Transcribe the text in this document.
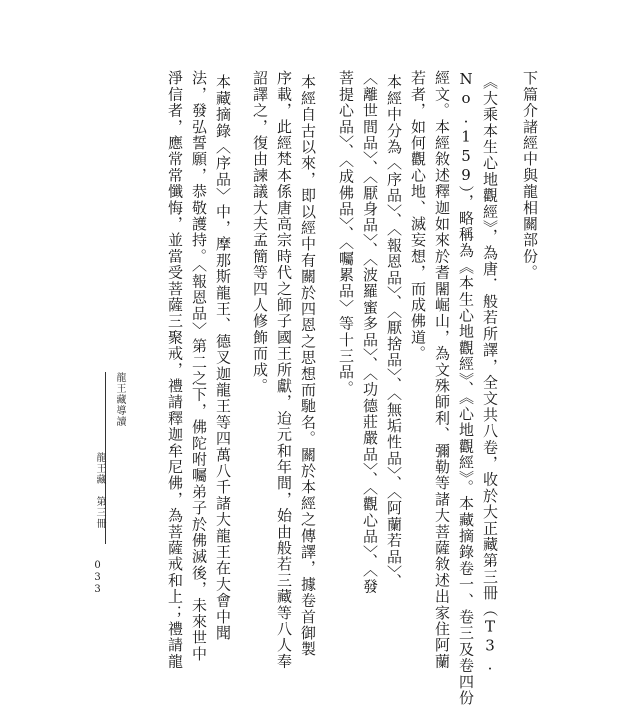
下篇介諸經中與龍相關部份。
《大乘本生心地觀經》，為唐．般若所譯，全文共八卷，收於大正藏第三冊（T3.
No.159），略稱為《本生心地觀經》、《心地觀經》。本藏摘錄卷一、卷三及卷四份
經文。本經敘述釋迦如來於耆闍崛山，為文殊師利、彌勒等諸大菩薩敘述出家住阿蘭
若者，如何觀心地、滅妄想，而成佛道。
本經中分為〈序品〉、〈報恩品〉、〈厭捨品〉、〈無垢性品〉、〈阿蘭若品〉、
〈離世間品〉、〈厭身品〉、〈波羅蜜多品〉、〈功德莊嚴品〉、〈觀心品〉、〈發
菩提心品〉、〈成佛品〉、〈囑累品〉等十三品。
本經自古以來，即以經中有關於四恩之思想而馳名。關於本經之傳譯，據卷首御製
序載，此經梵本係唐高宗時代之師子國王所獻，迨元和年間，始由般若三藏等八人奉
詔譯之，復由諫議大夫孟簡等四人修飾而成。
本藏摘錄〈序品〉中，摩那斯龍王、德叉迦龍王等四萬八千諸大龍王在大會中聞
法，發弘誓願，恭敬護持。〈報恩品〉第二之下，佛陀咐囑弟子於佛滅後，未來世中
淨信者，應常常懺悔，並當受菩薩三聚戒，禮請釋迦牟尼佛，為菩薩戒和上；禮請龍
龍王藏導讀
龍王藏　第三冊
033
